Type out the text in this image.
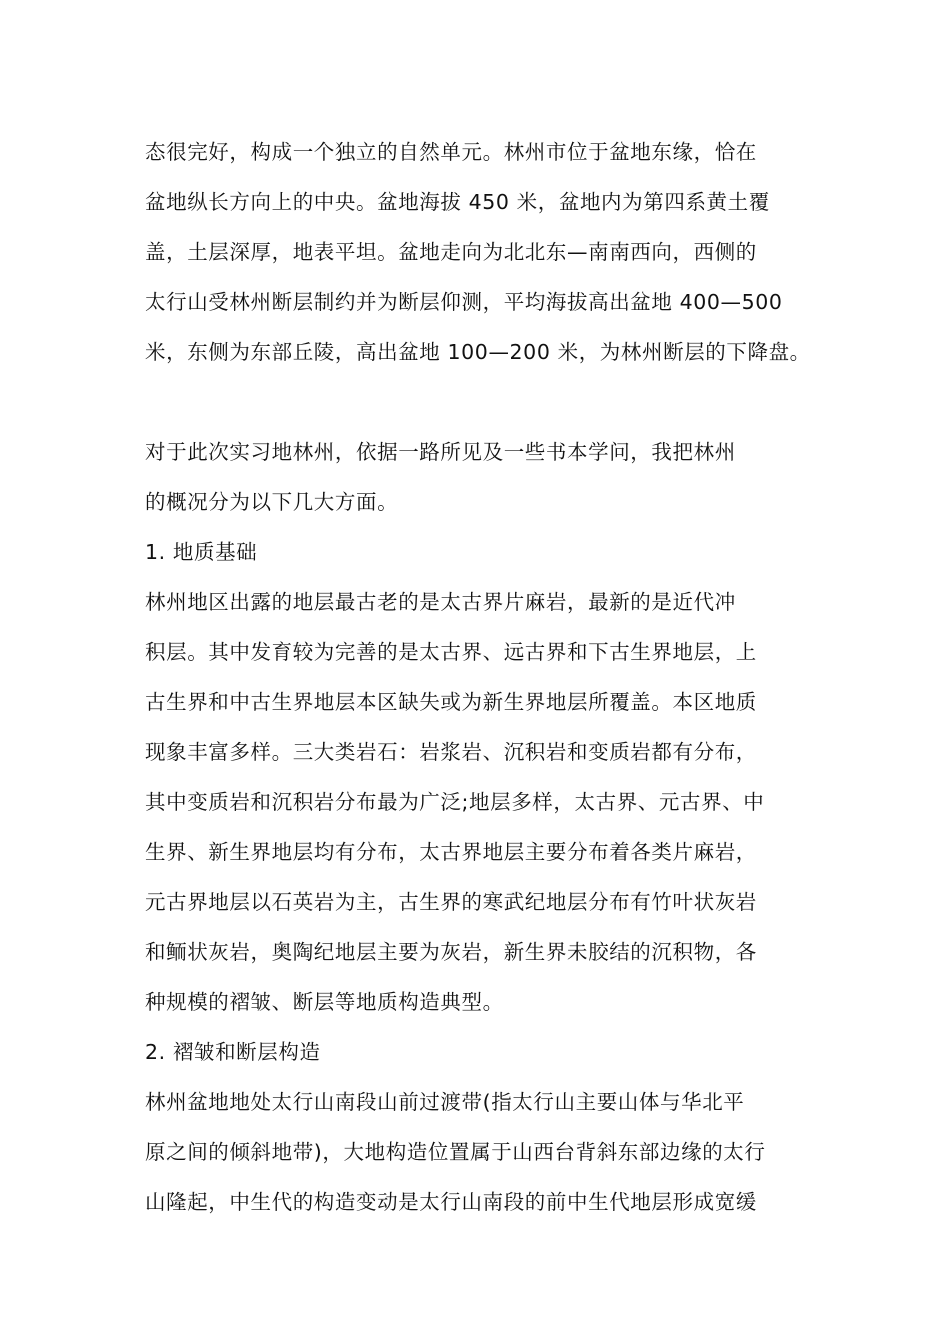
态很完好，构成一个独立的自然单元。林州市位于盆地东缘，恰在
盆地纵长方向上的中央。盆地海拔 450 米，盆地内为第四系黄土覆
盖，土层深厚，地表平坦。盆地走向为北北东—南南西向，西侧的
太行山受林州断层制约并为断层仰测，平均海拔高出盆地 400—500
米，东侧为东部丘陵，高出盆地 100—200 米，为林州断层的下降盘。
对于此次实习地林州，依据一路所见及一些书本学问，我把林州
的概况分为以下几大方面。
1. 地质基础
林州地区出露的地层最古老的是太古界片麻岩，最新的是近代冲
积层。其中发育较为完善的是太古界、远古界和下古生界地层，上
古生界和中古生界地层本区缺失或为新生界地层所覆盖。本区地质
现象丰富多样。三大类岩石：岩浆岩、沉积岩和变质岩都有分布，
其中变质岩和沉积岩分布最为广泛;地层多样，太古界、元古界、中
生界、新生界地层均有分布，太古界地层主要分布着各类片麻岩，
元古界地层以石英岩为主，古生界的寒武纪地层分布有竹叶状灰岩
和鲕状灰岩，奥陶纪地层主要为灰岩，新生界未胶结的沉积物，各
种规模的褶皱、断层等地质构造典型。
2. 褶皱和断层构造
林州盆地地处太行山南段山前过渡带(指太行山主要山体与华北平
原之间的倾斜地带)，大地构造位置属于山西台背斜东部边缘的太行
山隆起，中生代的构造变动是太行山南段的前中生代地层形成宽缓
